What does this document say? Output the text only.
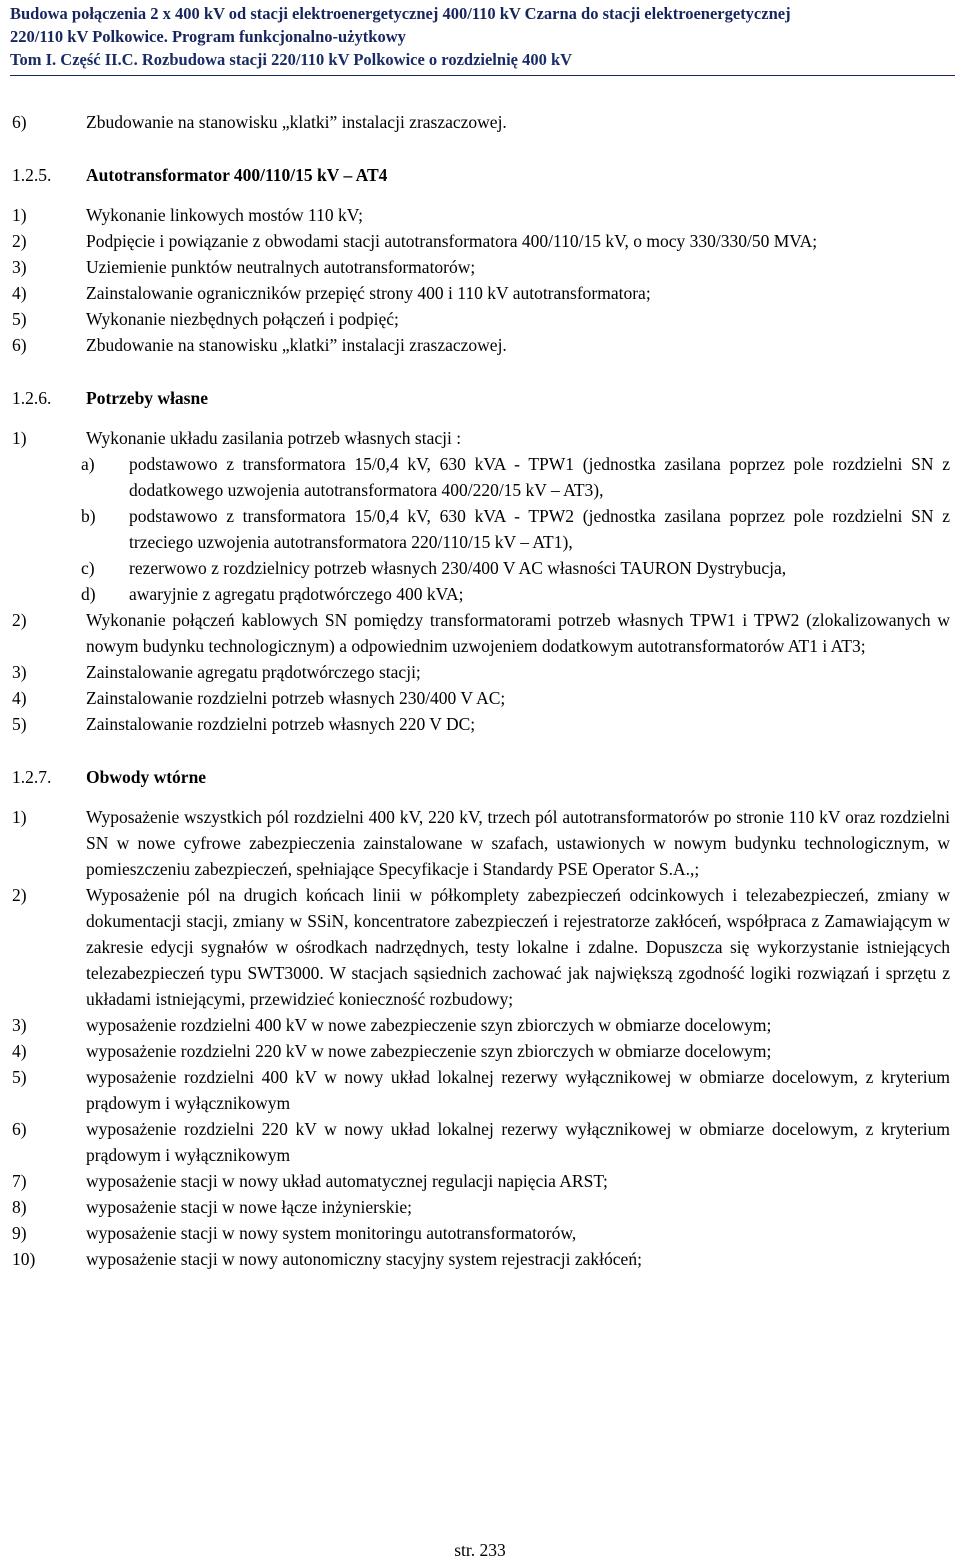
Budowa połączenia 2 x 400 kV od stacji elektroenergetycznej 400/110 kV Czarna do stacji elektroenergetycznej
220/110 kV Polkowice. Program funkcjonalno-użytkowy
Tom I. Część II.C. Rozbudowa stacji 220/110 kV Polkowice o rozdzielnię 400 kV
6)	Zbudowanie na stanowisku „klatki” instalacji zraszaczowej.
1.2.5. Autotransformator 400/110/15 kV – AT4
1)	Wykonanie linkowych mostów 110 kV;
2)	Podpięcie i powiązanie z obwodami stacji autotransformatora 400/110/15 kV, o mocy 330/330/50 MVA;
3)	Uziemienie punktów neutralnych autotransformatorów;
4)	Zainstalowanie ograniczników przepięć strony 400 i 110 kV autotransformatora;
5)	Wykonanie niezbędnych połączeń i podpięć;
6)	Zbudowanie na stanowisku „klatki” instalacji zraszaczowej.
1.2.6. Potrzeby własne
1)	Wykonanie układu zasilania potrzeb własnych stacji :
a) podstawowo z transformatora 15/0,4 kV, 630 kVA - TPW1 (jednostka zasilana poprzez pole rozdzielni SN z dodatkowego uzwojenia autotransformatora 400/220/15 kV – AT3),
b) podstawowo z transformatora 15/0,4 kV, 630 kVA - TPW2 (jednostka zasilana poprzez pole rozdzielni SN z trzeciego uzwojenia autotransformatora 220/110/15 kV – AT1),
c) rezerwowo z rozdzielnicy potrzeb własnych 230/400 V AC własności TAURON Dystrybucja,
d) awaryjnie z agregatu prądotwórczego 400 kVA;
2)	Wykonanie połączeń kablowych SN pomiędzy transformatorami potrzeb własnych TPW1 i TPW2 (zlokalizowanych w nowym budynku technologicznym) a odpowiednim uzwojeniem dodatkowym autotransformatorów AT1 i AT3;
3)	Zainstalowanie agregatu prądotwórczego stacji;
4)	Zainstalowanie rozdzielni potrzeb własnych 230/400 V AC;
5)	Zainstalowanie rozdzielni potrzeb własnych 220 V DC;
1.2.7. Obwody wtórne
1)	Wyposażenie wszystkich pól rozdzielni 400 kV, 220 kV, trzech pól autotransformatorów po stronie 110 kV oraz rozdzielni SN w nowe cyfrowe zabezpieczenia zainstalowane w szafach, ustawionych w nowym budynku technologicznym, w pomieszczeniu zabezpieczeń, spełniające Specyfikacje i Standardy PSE Operator S.A.,;
2)	Wyposażenie pól na drugich końcach linii w półkomplety zabezpieczeń odcinkowych i telezabezpieczeń, zmiany w dokumentacji stacji, zmiany w SSiN, koncentratore zabezpieczeń i rejestratorze zakłóceń, współpraca z Zamawiającym w zakresie edycji sygnałów w ośrodkach nadrzędnych, testy lokalne i zdalne. Dopuszcza się wykorzystanie istniejących telezabezpieczeń typu SWT3000. W stacjach sąsiednich zachować jak największą zgodność logiki rozwiązań i sprzętu z układami istniejącymi, przewidzieć konieczność rozbudowy;
3)	wyposażenie rozdzielni 400 kV w nowe zabezpieczenie szyn zbiorczych w obmiarze docelowym;
4)	wyposażenie rozdzielni 220 kV w nowe zabezpieczenie szyn zbiorczych w obmiarze docelowym;
5)	wyposażenie rozdzielni 400 kV w nowy układ lokalnej rezerwy wyłącznikowej w obmiarze docelowym, z kryterium prądowym i wyłącznikowym
6)	wyposażenie rozdzielni 220 kV w nowy układ lokalnej rezerwy wyłącznikowej w obmiarze docelowym, z kryterium prądowym i wyłącznikowym
7)	wyposażenie stacji w nowy układ automatycznej regulacji napięcia ARST;
8)	wyposażenie stacji w nowe łącze inżynierskie;
9)	wyposażenie stacji w nowy system monitoringu autotransformatorów,
10)	wyposażenie stacji w nowy autonomiczny stacyjny system rejestracji zakłóceń;
str. 233
